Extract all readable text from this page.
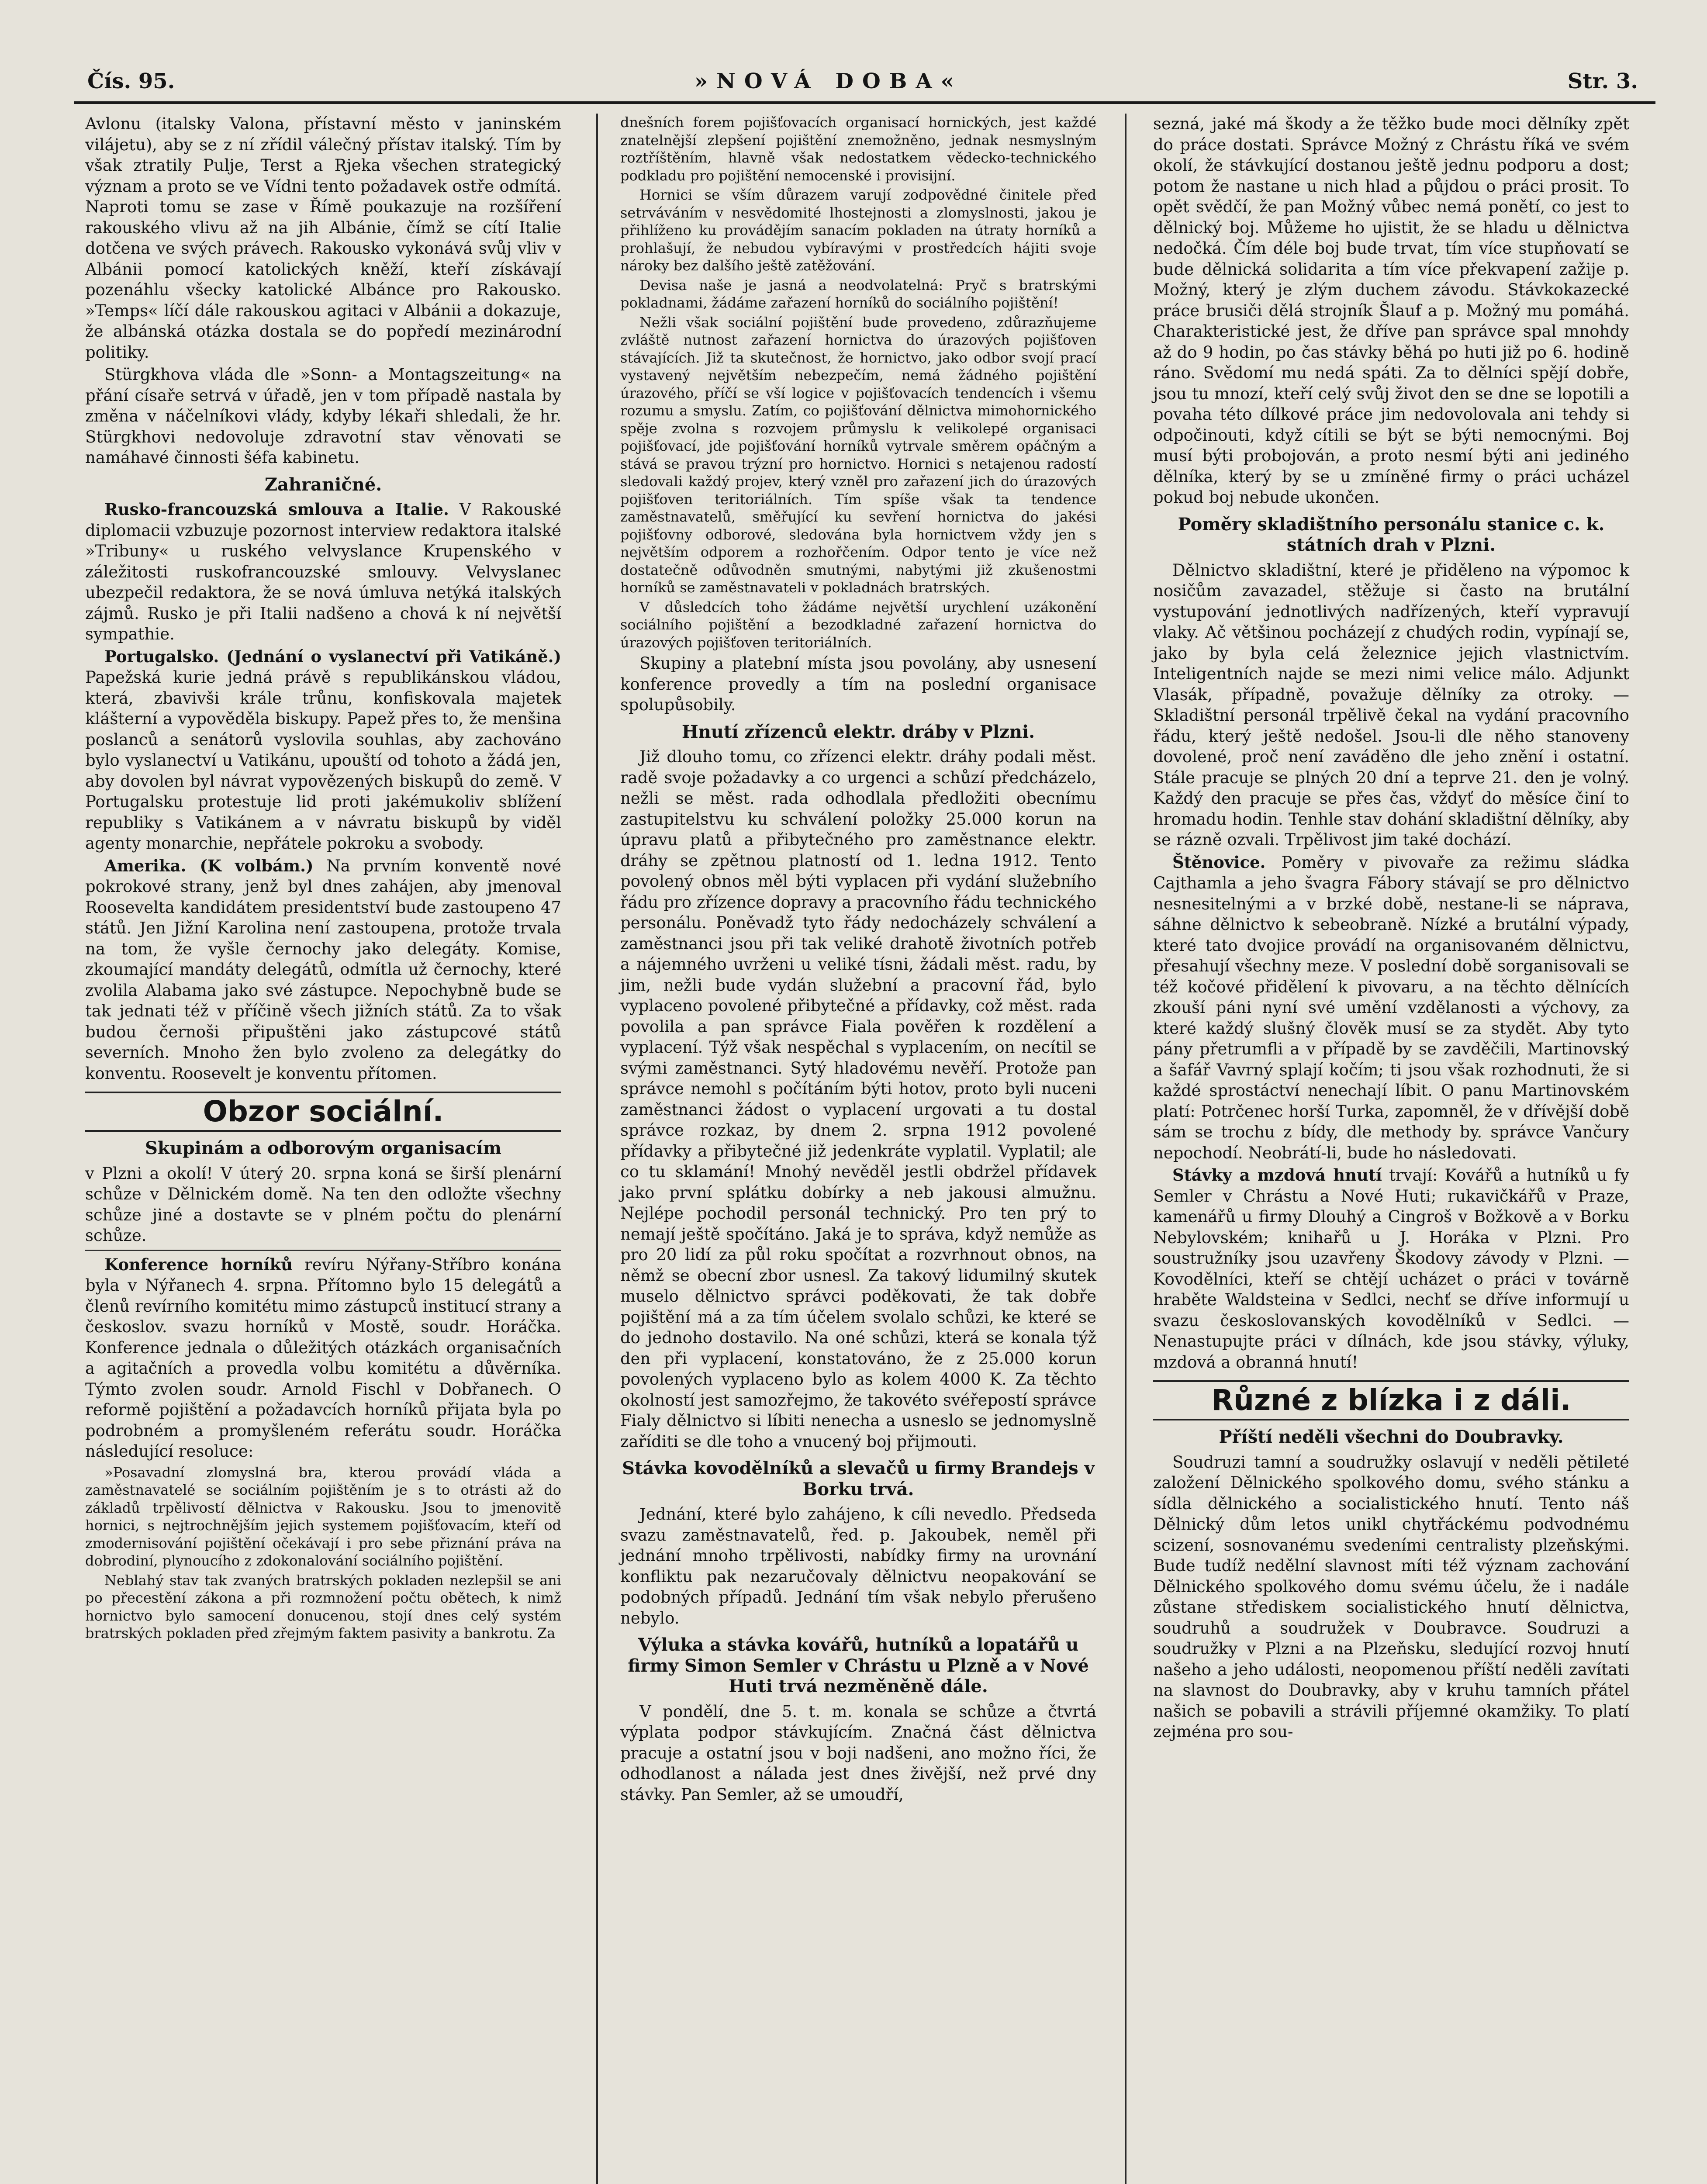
Čís. 95.	»NOVÁ DOBA«	Str. 3.

Avlonu (italsky Valona, přístavní město v janinském vilájetu), aby se z ní zřídil válečný přístav italský. Tím by však ztratily Pulje, Terst a Rjeka všechen strategický význam a proto se ve Vídni tento požadavek ostře odmítá. Naproti tomu se zase v Římě poukazuje na rozšíření rakouského vlivu až na jih Albánie, čímž se cítí Italie dotčena ve svých právech. Rakousko vykonává svůj vliv v Albánii pomocí katolických kněží, kteří získávají pozenáhlu všecky katolické Albánce pro Rakousko. »Temps« líčí dále rakouskou agitaci v Albánii a dokazuje, že albánská otázka dostala se do popředí mezinárodní politiky.

Stürgkhova vláda dle »Sonn- a Montagszeitung« na přání císaře setrvá v úřadě, jen v tom případě nastala by změna v náčelníkovi vlády, kdyby lékaři shledali, že hr. Stürgkhovi nedovoluje zdravotní stav věnovati se namáhavé činnosti šéfa kabinetu.

Zahraničné.

Rusko-francouzská smlouva a Italie. V Rakouské diplomacii vzbuzuje pozornost interview redaktora italské »Tribuny« u ruského velvyslance Krupenského v záležitosti ruskofrancouzské smlouvy. Velvyslanec ubezpečil redaktora, že se nová úmluva netýká italských zájmů. Rusko je při Italii nadšeno a chová k ní největší sympathie.

Portugalsko. (Jednání o vyslanectví při Vatikáně.) Papežská kurie jedná právě s republikánskou vládou, která, zbavivši krále trůnu, konfiskovala majetek klášterní a vypověděla biskupy. Papež přes to, že menšina poslanců a senátorů vyslovila souhlas, aby zachováno bylo vyslanectví u Vatikánu, upouští od tohoto a žádá jen, aby dovolen byl návrat vypovězených biskupů do země. V Portugalsku protestuje lid proti jakémukoliv sblížení republiky s Vatikánem a v návratu biskupů by viděl agenty monarchie, nepřátele pokroku a svobody.

Amerika. (K volbám.) Na prvním konventě nové pokrokové strany, jenž byl dnes zahájen, aby jmenoval Roosevelta kandidátem presidentství bude zastoupeno 47 států. Jen Jižní Karolina není zastoupena, protože trvala na tom, že vyšle černochy jako delegáty. Komise, zkoumající mandáty delegátů, odmítla už černochy, které zvolila Alabama jako své zástupce. Nepochybně bude se tak jednati též v příčině všech jižních států. Za to však budou černoši připuštěni jako zástupcové států severních. Mnoho žen bylo zvoleno za delegátky do konventu. Roosevelt je konventu přítomen.

Obzor sociální.
Skupinám a odborovým organisacím

v Plzni a okolí! V úterý 20. srpna koná se širší plenární schůze v Dělnickém domě. Na ten den odložte všechny schůze jiné a dostavte se v plném počtu do plenární schůze.

Konference horníků revíru Nýřany-Stříbro konána byla v Nýřanech 4. srpna. Přítomno bylo 15 delegátů a členů revírního komitétu mimo zástupců institucí strany a českoslov. svazu horníků v Mostě, soudr. Horáčka. Konference jednala o důležitých otázkách organisačních a agitačních a provedla volbu komitétu a důvěrníka. Týmto zvolen soudr. Arnold Fischl v Dobřanech. O reformě pojištění a požadavcích horníků přijata byla po podrobném a promyšleném referátu soudr. Horáčka následující resoluce:

»Posavadní zlomyslná bra, kterou provádí vláda a zaměstnavatelé se sociálním pojištěním je s to otrásti až do základů trpělivostí dělnictva v Rakousku. Jsou to jmenovitě hornici, s nejtrochnějším jejich systemem pojišťovacím, kteří od zmodernisování pojištění očekávají i pro sebe přiznání práva na dobrodiní, plynoucího z zdokonalování sociálního pojištění.

Neblahý stav tak zvaných bratrských pokladen nezlepšil se ani po přecestění zákona a při rozmnožení počtu obětech, k nimž hornictvo bylo samocení donucenou, stojí dnes celý systém bratrských pokladen před zřejmým faktem pasivity a bankrotu. Za

dnešních forem pojišťovacích organisací hornických, jest každé znatelnější zlepšení pojištění znemožněno, jednak nesmyslným roztříštěním, hlavně však nedostatkem vědecko-technického podkladu pro pojištění nemocenské i provisijní.

Hornici se vším důrazem varují zodpovědné činitele před setrváváním v nesvědomité lhostejnosti a zlomyslnosti, jakou je přihlíženo ku provádějím sanacím pokladen na útraty horníků a prohlašují, že nebudou vybíravými v prostředcích hájiti svoje nároky bez dalšího ještě zatěžování.

Devisa naše je jasná a neodvolatelná: Pryč s bratrskými pokladnami, žádáme zařazení horníků do sociálního pojištění!

Nežli však sociální pojištění bude provedeno, zdůrazňujeme zvláště nutnost zařazení hornictva do úrazových pojišťoven stávajících. Již ta skutečnost, že hornictvo, jako odbor svojí prací vystavený největším nebezpečím, nemá žádného pojištění úrazového, příčí se vší logice v pojišťovacích tendencích i všemu rozumu a smyslu. Zatím, co pojišťování dělnictva mimohornického spěje zvolna s rozvojem průmyslu k velikolepé organisaci pojišťovací, jde pojišťování horníků vytrvale směrem opáčným a stává se pravou trýzní pro hornictvo. Hornici s netajenou radostí sledovali každý projev, který vzněl pro zařazení jich do úrazových pojišťoven teritoriálních. Tím spíše však ta tendence zaměstnavatelů, směřující ku sevření hornictva do jakési pojišťovny odborové, sledována byla hornictvem vždy jen s největším odporem a rozhořčením. Odpor tento je více než dostatečně odůvodněn smutnými, nabytými již zkušenostmi horníků se zaměstnavateli v pokladnách bratrských.

V důsledcích toho žádáme největší urychlení uzákonění sociálního pojištění a bezodkladné zařazení hornictva do úrazových pojišťoven teritoriálních.

Skupiny a platební místa jsou povolány, aby usnesení konference provedly a tím na poslední organisace spolupůsobily.

Hnutí zřízenců elektr. dráby v Plzni.

Již dlouho tomu, co zřízenci elektr. dráhy podali měst. radě svoje požadavky a co urgenci a schůzí předcházelo, nežli se měst. rada odhodlala předložiti obecnímu zastupitelstvu ku schválení položky 25.000 korun na úpravu platů a přibytečného pro zaměstnance elektr. dráhy se zpětnou platností od 1. ledna 1912. Tento povolený obnos měl býti vyplacen při vydání služebního řádu pro zřízence dopravy a pracovního řádu technického personálu. Poněvadž tyto řády nedocházely schválení a zaměstnanci jsou při tak veliké drahotě životních potřeb a nájemného uvrženi u veliké tísni, žádali měst. radu, by jim, nežli bude vydán služební a pracovní řád, bylo vyplaceno povolené přibytečné a přídavky, což měst. rada povolila a pan správce Fiala pověřen k rozdělení a vyplacení. Týž však nespěchal s vyplacením, on necítil se svými zaměstnanci. Sytý hladovému nevěří. Protože pan správce nemohl s počítáním býti hotov, proto byli nuceni zaměstnanci žádost o vyplacení urgovati a tu dostal správce rozkaz, by dnem 2. srpna 1912 povolené přídavky a přibytečné již jedenkráte vyplatil. Vyplatil; ale co tu sklamání! Mnohý nevěděl jestli obdržel přídavek jako první splátku dobírky a neb jakousi almužnu. Nejlépe pochodil personál technický. Pro ten prý to nemají ještě spočítáno. Jaká je to správa, když nemůže as pro 20 lidí za půl roku spočítat a rozvrhnout obnos, na němž se obecní zbor usnesl. Za takový lidumilný skutek muselo dělnictvo správci poděkovati, že tak dobře pojištění má a za tím účelem svolalo schůzi, ke které se do jednoho dostavilo. Na oné schůzi, která se konala týž den při vyplacení, konstatováno, že z 25.000 korun povolených vyplaceno bylo as kolem 4000 K. Za těchto okolností jest samozřejmo, že takovéto svéřepostí správce Fialy dělnictvo si líbiti nenecha a usneslo se jednomyslně zaříditi se dle toho a vnucený boj přijmouti.

Stávka kovodělníků a slevačů u firmy Brandejs v Borku trvá.

Jednání, které bylo zahájeno, k cíli nevedlo. Předseda svazu zaměstnavatelů, řed. p. Jakoubek, neměl při jednání mnoho trpělivosti, nabídky firmy na urovnání konfliktu pak nezaručovaly dělnictvu neopakování se podobných případů. Jednání tím však nebylo přerušeno nebylo.

Výluka a stávka kovářů, hutníků a lopatářů u firmy Simon Semler v Chrástu u Plzně a v Nové Huti trvá nezměněně dále.

V pondělí, dne 5. t. m. konala se schůze a čtvrtá výplata podpor stávkujícím. Značná část dělnictva pracuje a ostatní jsou v boji nadšeni, ano možno říci, že odhodlanost a nálada jest dnes živější, než prvé dny stávky. Pan Semler, až se umoudří,

sezná, jaké má škody a že těžko bude moci dělníky zpět do práce dostati. Správce Možný z Chrástu říká ve svém okolí, že stávkující dostanou ještě jednu podporu a dost; potom že nastane u nich hlad a půjdou o práci prosit. To opět svědčí, že pan Možný vůbec nemá ponětí, co jest to dělnický boj. Můžeme ho ujistit, že se hladu u dělnictva nedočká. Čím déle boj bude trvat, tím více stupňovatí se bude dělnická solidarita a tím více překvapení zažije p. Možný, který je zlým duchem závodu. Stávkokazecké práce brusiči dělá strojník Šlauf a p. Možný mu pomáhá. Charakteristické jest, že dříve pan správce spal mnohdy až do 9 hodin, po čas stávky běhá po huti již po 6. hodině ráno. Svědomí mu nedá spáti. Za to dělníci spějí dobře, jsou tu mnozí, kteří celý svůj život den se dne se lopotili a povaha této dílkové práce jim nedovolovala ani tehdy si odpočinouti, když cítili se být se býti nemocnými. Boj musí býti probojován, a proto nesmí býti ani jediného dělníka, který by se u zmíněné firmy o práci ucházel pokud boj nebude ukončen.

Poměry skladištního personálu stanice c. k. státních drah v Plzni.

Dělnictvo skladištní, které je přiděleno na výpomoc k nosičům zavazadel, stěžuje si často na brutální vystupování jednotlivých nadřízených, kteří vypravují vlaky. Ač většinou pocházejí z chudých rodin, vypínají se, jako by byla celá železnice jejich vlastnictvím. Inteligentních najde se mezi nimi velice málo. Adjunkt Vlasák, případně, považuje dělníky za otroky. — Skladištní personál trpělivě čekal na vydání pracovního řádu, který ještě nedošel. Jsou-li dle něho stanoveny dovolené, proč není zaváděno dle jeho znění i ostatní. Stále pracuje se plných 20 dní a teprve 21. den je volný. Každý den pracuje se přes čas, vždyť do měsíce činí to hromadu hodin. Tenhle stav dohání skladištní dělníky, aby se rázně ozvali. Trpělivost jim také dochází.

Štěnovice. Poměry v pivovaře za režimu sládka Cajthamla a jeho švagra Fábory stávají se pro dělnictvo nesnesitelnými a v brzké době, nestane-li se náprava, sáhne dělnictvo k sebeobraně. Nízké a brutální výpady, které tato dvojice provádí na organisovaném dělnictvu, přesahují všechny meze. V poslední době sorganisovali se též kočové přidělení k pivovaru, a na těchto dělnících zkouší páni nyní své umění vzdělanosti a výchovy, za které každý slušný člověk musí se za stydět. Aby tyto pány přetrumfli a v případě by se zavděčili, Martinovský a šafář Vavrný splají kočím; ti jsou však rozhodnuti, že si každé sprostáctví nenechají líbit. O panu Martinovském platí: Potrčenec horší Turka, zapomněl, že v dřívější době sám se trochu z bídy, dle methody by. správce Vančury nepochodí. Neobrátí-li, bude ho následovati.

Stávky a mzdová hnutí trvají: Kovářů a hutníků u fy Semler v Chrástu a Nové Huti; rukavičkářů v Praze, kamenářů u firmy Dlouhý a Cingroš v Božkově a v Borku Nebylovském; knihařů u J. Horáka v Plzni. Pro soustružníky jsou uzavřeny Škodovy závody v Plzni. — Kovodělníci, kteří se chtějí ucházet o práci v továrně hraběte Waldsteina v Sedlci, nechť se dříve informují u svazu českoslovanských kovodělníků v Sedlci. — Nenastupujte práci v dílnách, kde jsou stávky, výluky, mzdová a obranná hnutí!

Různé z blízka i z dáli.
Příští neděli všechni do Doubravky.

Soudruzi tamní a soudružky oslavují v neděli pětileté založení Dělnického spolkového domu, svého stánku a sídla dělnického a socialistického hnutí. Tento náš Dělnický dům letos unikl chytřáckému podvodnému scizení, sosnovanému svedeními centralisty plzeňskými. Bude tudíž nedělní slavnost míti též význam zachování Dělnického spolkového domu svému účelu, že i nadále zůstane střediskem socialistického hnutí dělnictva, soudruhů a soudružek v Doubravce. Soudruzi a soudružky v Plzni a na Plzeňsku, sledující rozvoj hnutí našeho a jeho události, neopomenou příští neděli zavítati na slavnost do Doubravky, aby v kruhu tamních přátel našich se pobavili a strávili příjemné okamžiky. To platí zejména pro sou-
